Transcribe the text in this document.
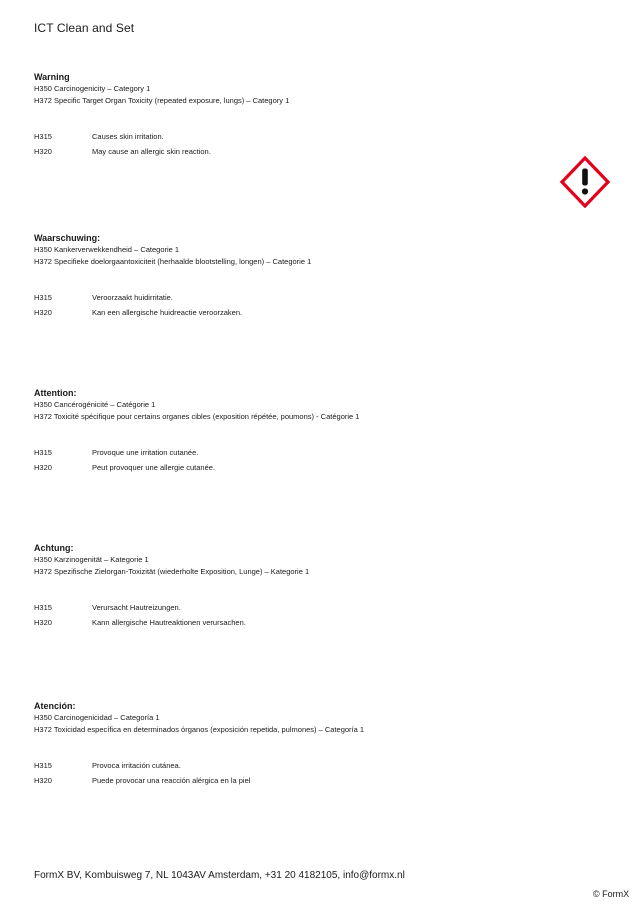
ICT Clean and Set
Warning
H350 Carcinogenicity – Category 1
H372 Specific Target Organ Toxicity (repeated exposure, lungs) – Category 1
H315	Causes skin irritation.
H320	May cause an allergic skin reaction.
Waarschuwing:
H350 Kankerverwekkendheid – Categorie 1
H372 Specifieke doelorgaantoxiciteit (herhaalde blootstelling, longen) – Categorie 1
H315	Veroorzaakt huidirritatie.
H320	Kan een allergische huidreactie veroorzaken.
Attention:
H350 Cancérogénicité – Catégorie 1
H372 Toxicité spécifique pour certains organes cibles (exposition répétée, poumons) - Catégorie 1
H315	Provoque une irritation cutanée.
H320	Peut provoquer une allergie cutanée.
Achtung:
H350 Karzinogenität – Kategorie 1
H372 Spezifische Zielorgan-Toxizität (wiederholte Exposition, Lunge) – Kategorie 1
H315	Verursacht Hautreizungen.
H320	Kann allergische Hautreaktionen verursachen.
Atención:
H350 Carcinogenicidad – Categoría 1
H372 Toxicidad específica en determinados órganos (exposición repetida, pulmones) – Categoría 1
H315	Provoca irritación cutánea.
H320	Puede provocar una reacción alérgica en la piel
FormX BV, Kombuisweg 7, NL 1043AV Amsterdam, +31 20 4182105, info@formx.nl
© FormX
